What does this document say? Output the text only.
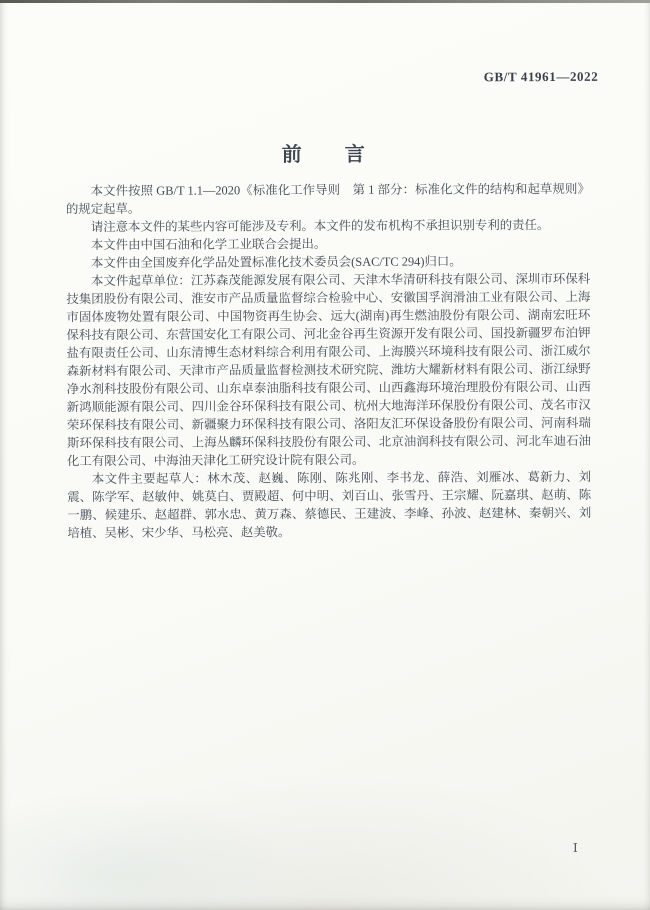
GB/T 41961—2022
前　　言

本文件按照 GB/T 1.1—2020《标准化工作导则　第 1 部分：标准化文件的结构和起草规则》的规定起草。

请注意本文件的某些内容可能涉及专利。本文件的发布机构不承担识别专利的责任。

本文件由中国石油和化学工业联合会提出。

本文件由全国废弃化学品处置标准化技术委员会(SAC/TC 294)归口。

本文件起草单位：江苏森茂能源发展有限公司、天津木华清研科技有限公司、深圳市环保科技集团股份有限公司、淮安市产品质量监督综合检验中心、安徽国孚润滑油工业有限公司、上海市固体废物处置有限公司、中国物资再生协会、远大(湖南)再生燃油股份有限公司、湖南宏旺环保科技有限公司、东营国安化工有限公司、河北金谷再生资源开发有限公司、国投新疆罗布泊钾盐有限责任公司、山东清博生态材料综合利用有限公司、上海膜兴环境科技有限公司、浙江威尔森新材料有限公司、天津市产品质量监督检测技术研究院、潍坊大耀新材料有限公司、浙江绿野净水剂科技股份有限公司、山东卓泰油脂科技有限公司、山西鑫海环境治理股份有限公司、山西新鸿顺能源有限公司、四川金谷环保科技有限公司、杭州大地海洋环保股份有限公司、茂名市汉荣环保科技有限公司、新疆聚力环保科技有限公司、洛阳友汇环保设备股份有限公司、河南科瑞斯环保科技有限公司、上海丛麟环保科技股份有限公司、北京油润科技有限公司、河北车迪石油化工有限公司、中海油天津化工研究设计院有限公司。

本文件主要起草人：林木茂、赵巍、陈刚、陈兆刚、李书龙、薛浩、刘雁冰、葛新力、刘震、陈学军、赵敏仲、姚莫白、贾殿超、何中明、刘百山、张雪丹、王宗耀、阮嘉琪、赵萌、陈一鹏、候建乐、赵超群、郭水忠、黄万森、蔡德民、王建波、李峰、孙波、赵建林、秦朝兴、刘培植、吴彬、宋少华、马松亮、赵美敬。

Ⅰ
